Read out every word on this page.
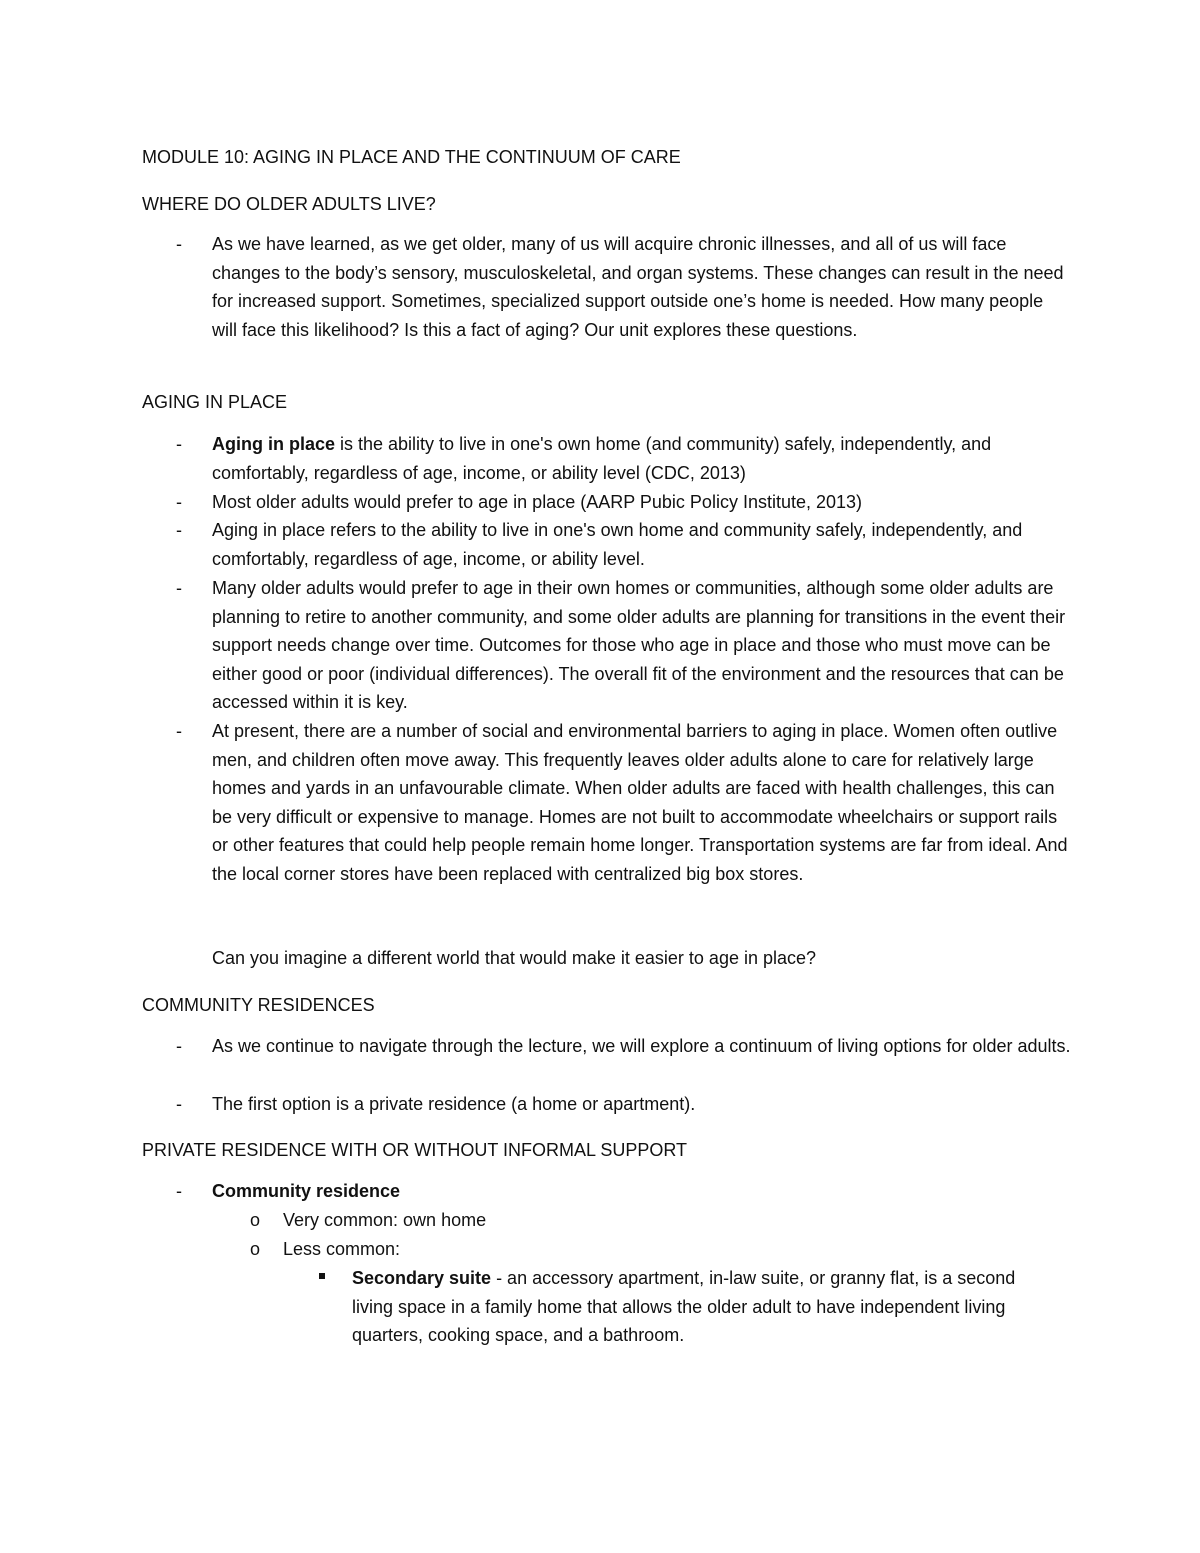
MODULE 10: AGING IN PLACE AND THE CONTINUUM OF CARE
WHERE DO OLDER ADULTS LIVE?
- As we have learned, as we get older, many of us will acquire chronic illnesses, and all of us will face changes to the body’s sensory, musculoskeletal, and organ systems. These changes can result in the need for increased support. Sometimes, specialized support outside one’s home is needed. How many people will face this likelihood? Is this a fact of aging? Our unit explores these questions.
AGING IN PLACE
- Aging in place is the ability to live in one's own home (and community) safely, independently, and comfortably, regardless of age, income, or ability level (CDC, 2013)
- Most older adults would prefer to age in place (AARP Pubic Policy Institute, 2013)
- Aging in place refers to the ability to live in one's own home and community safely, independently, and comfortably, regardless of age, income, or ability level.
- Many older adults would prefer to age in their own homes or communities, although some older adults are planning to retire to another community, and some older adults are planning for transitions in the event their support needs change over time. Outcomes for those who age in place and those who must move can be either good or poor (individual differences). The overall fit of the environment and the resources that can be accessed within it is key.
- At present, there are a number of social and environmental barriers to aging in place. Women often outlive men, and children often move away. This frequently leaves older adults alone to care for relatively large homes and yards in an unfavourable climate. When older adults are faced with health challenges, this can be very difficult or expensive to manage. Homes are not built to accommodate wheelchairs or support rails or other features that could help people remain home longer. Transportation systems are far from ideal. And the local corner stores have been replaced with centralized big box stores.
Can you imagine a different world that would make it easier to age in place?
COMMUNITY RESIDENCES
- As we continue to navigate through the lecture, we will explore a continuum of living options for older adults.
- The first option is a private residence (a home or apartment).
PRIVATE RESIDENCE WITH OR WITHOUT INFORMAL SUPPORT
- Community residence
o Very common: own home
o Less common:
Secondary suite - an accessory apartment, in-law suite, or granny flat, is a second living space in a family home that allows the older adult to have independent living quarters, cooking space, and a bathroom.
